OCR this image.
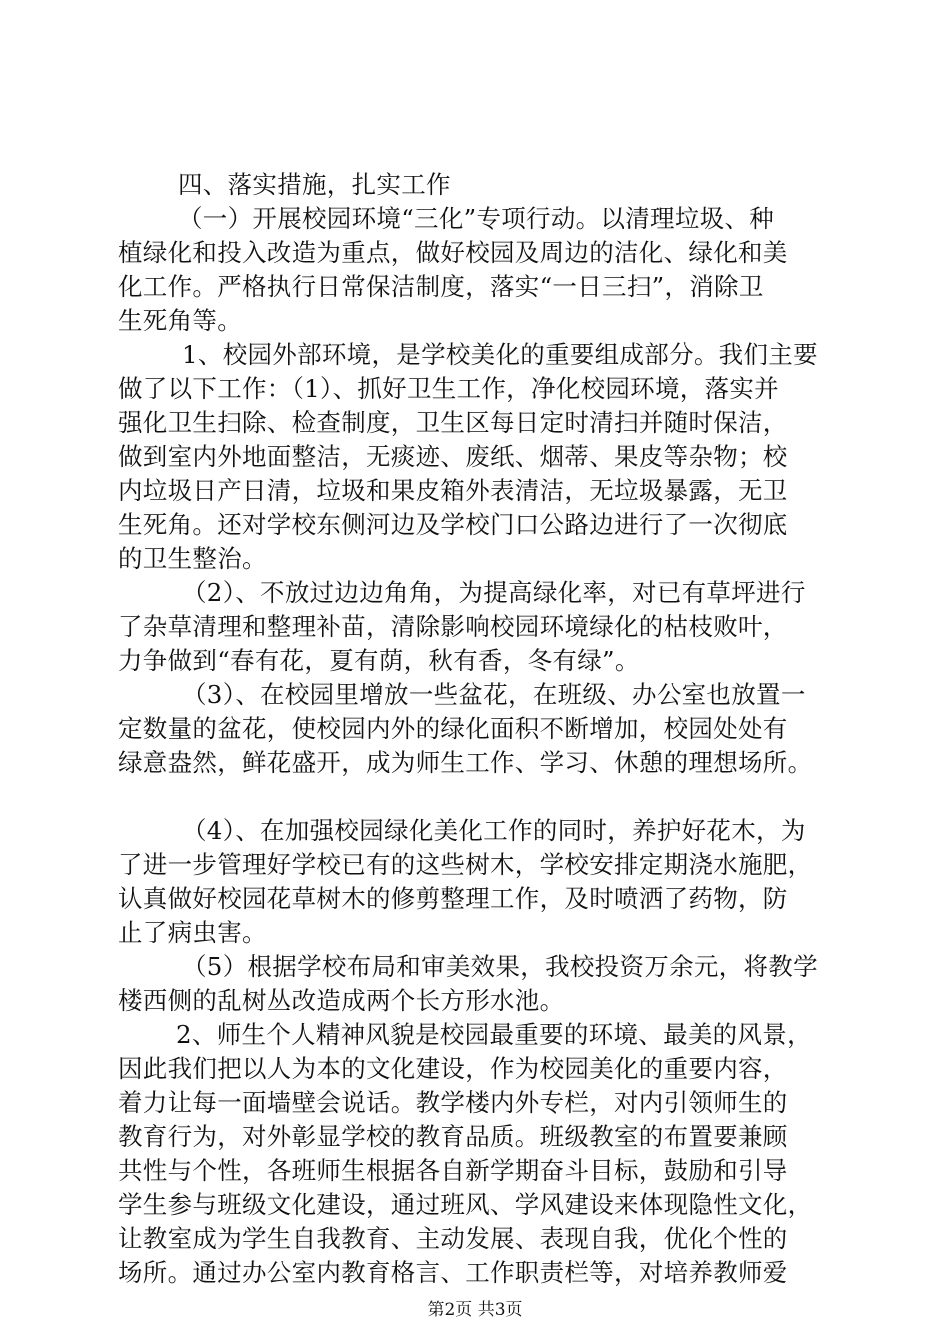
四、落实措施，扎实工作
（一）开展校园环境“三化”专项行动。以清理垃圾、种
植绿化和投入改造为重点，做好校园及周边的洁化、绿化和美
化工作。严格执行日常保洁制度，落实“一日三扫”，消除卫
生死角等。
1、校园外部环境，是学校美化的重要组成部分。我们主要
做了以下工作：（1）、抓好卫生工作，净化校园环境，落实并
强化卫生扫除、检查制度，卫生区每日定时清扫并随时保洁，
做到室内外地面整洁，无痰迹、废纸、烟蒂、果皮等杂物；校
内垃圾日产日清，垃圾和果皮箱外表清洁，无垃圾暴露，无卫
生死角。还对学校东侧河边及学校门口公路边进行了一次彻底
的卫生整治。
（2）、不放过边边角角，为提高绿化率，对已有草坪进行
了杂草清理和整理补苗，清除影响校园环境绿化的枯枝败叶，
力争做到“春有花，夏有荫，秋有香，冬有绿”。
（3）、在校园里增放一些盆花，在班级、办公室也放置一
定数量的盆花，使校园内外的绿化面积不断增加，校园处处有
绿意盎然，鲜花盛开，成为师生工作、学习、休憩的理想场所。
（4）、在加强校园绿化美化工作的同时，养护好花木，为
了进一步管理好学校已有的这些树木，学校安排定期浇水施肥，
认真做好校园花草树木的修剪整理工作，及时喷洒了药物，防
止了病虫害。
（5）根据学校布局和审美效果，我校投资万余元，将教学
楼西侧的乱树丛改造成两个长方形水池。
2、师生个人精神风貌是校园最重要的环境、最美的风景，
因此我们把以人为本的文化建设，作为校园美化的重要内容，
着力让每一面墙壁会说话。教学楼内外专栏，对内引领师生的
教育行为，对外彰显学校的教育品质。班级教室的布置要兼顾
共性与个性，各班师生根据各自新学期奋斗目标，鼓励和引导
学生参与班级文化建设，通过班风、学风建设来体现隐性文化，
让教室成为学生自我教育、主动发展、表现自我，优化个性的
场所。通过办公室内教育格言、工作职责栏等，对培养教师爱
第2页 共3页
